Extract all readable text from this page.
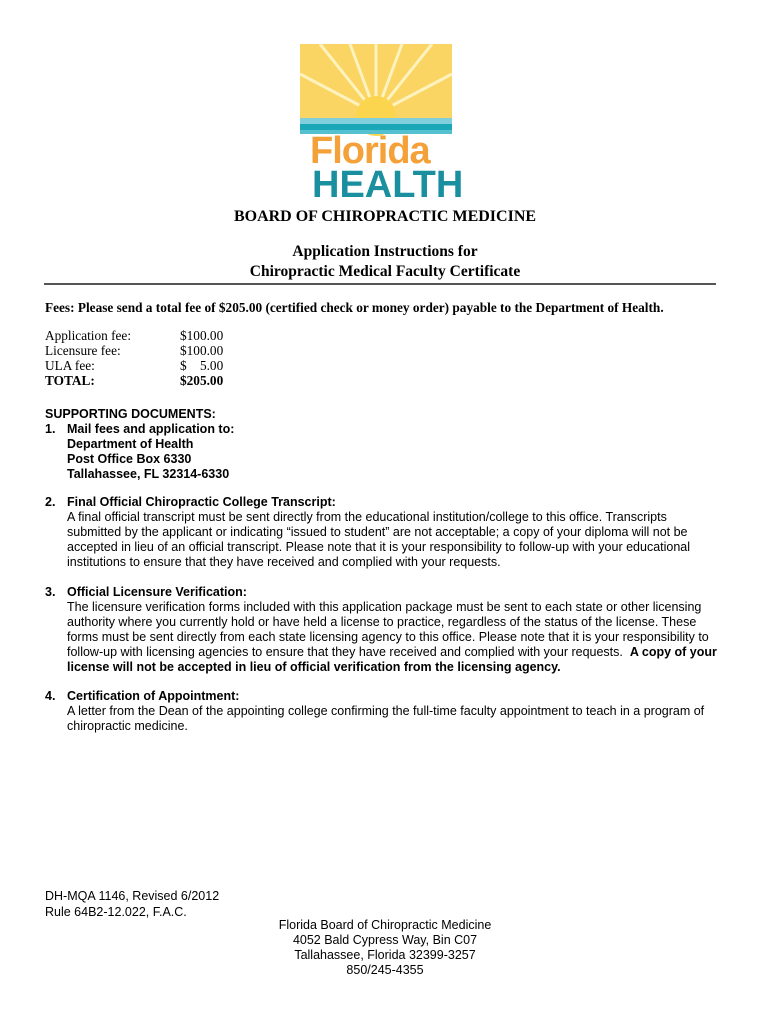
Florida
HEALTH
BOARD OF CHIROPRACTIC MEDICINE
Application Instructions for
Chiropractic Medical Faculty Certificate
Fees: Please send a total fee of $205.00 (certified check or money order) payable to the Department of Health.
Application fee:	$100.00
Licensure fee:	$100.00
ULA fee:	$    5.00
TOTAL:	$205.00
SUPPORTING DOCUMENTS:
1. Mail fees and application to:
Department of Health
Post Office Box 6330
Tallahassee, FL 32314-6330
2. Final Official Chiropractic College Transcript:
A final official transcript must be sent directly from the educational institution/college to this office. Transcripts submitted by the applicant or indicating “issued to student” are not acceptable; a copy of your diploma will not be accepted in lieu of an official transcript. Please note that it is your responsibility to follow-up with your educational institutions to ensure that they have received and complied with your requests.
3. Official Licensure Verification:
The licensure verification forms included with this application package must be sent to each state or other licensing authority where you currently hold or have held a license to practice, regardless of the status of the license. These forms must be sent directly from each state licensing agency to this office. Please note that it is your responsibility to follow-up with licensing agencies to ensure that they have received and complied with your requests. A copy of your license will not be accepted in lieu of official verification from the licensing agency.
4. Certification of Appointment:
A letter from the Dean of the appointing college confirming the full-time faculty appointment to teach in a program of chiropractic medicine.
DH-MQA 1146, Revised 6/2012
Rule 64B2-12.022, F.A.C.
Florida Board of Chiropractic Medicine
4052 Bald Cypress Way, Bin C07
Tallahassee, Florida 32399-3257
850/245-4355
